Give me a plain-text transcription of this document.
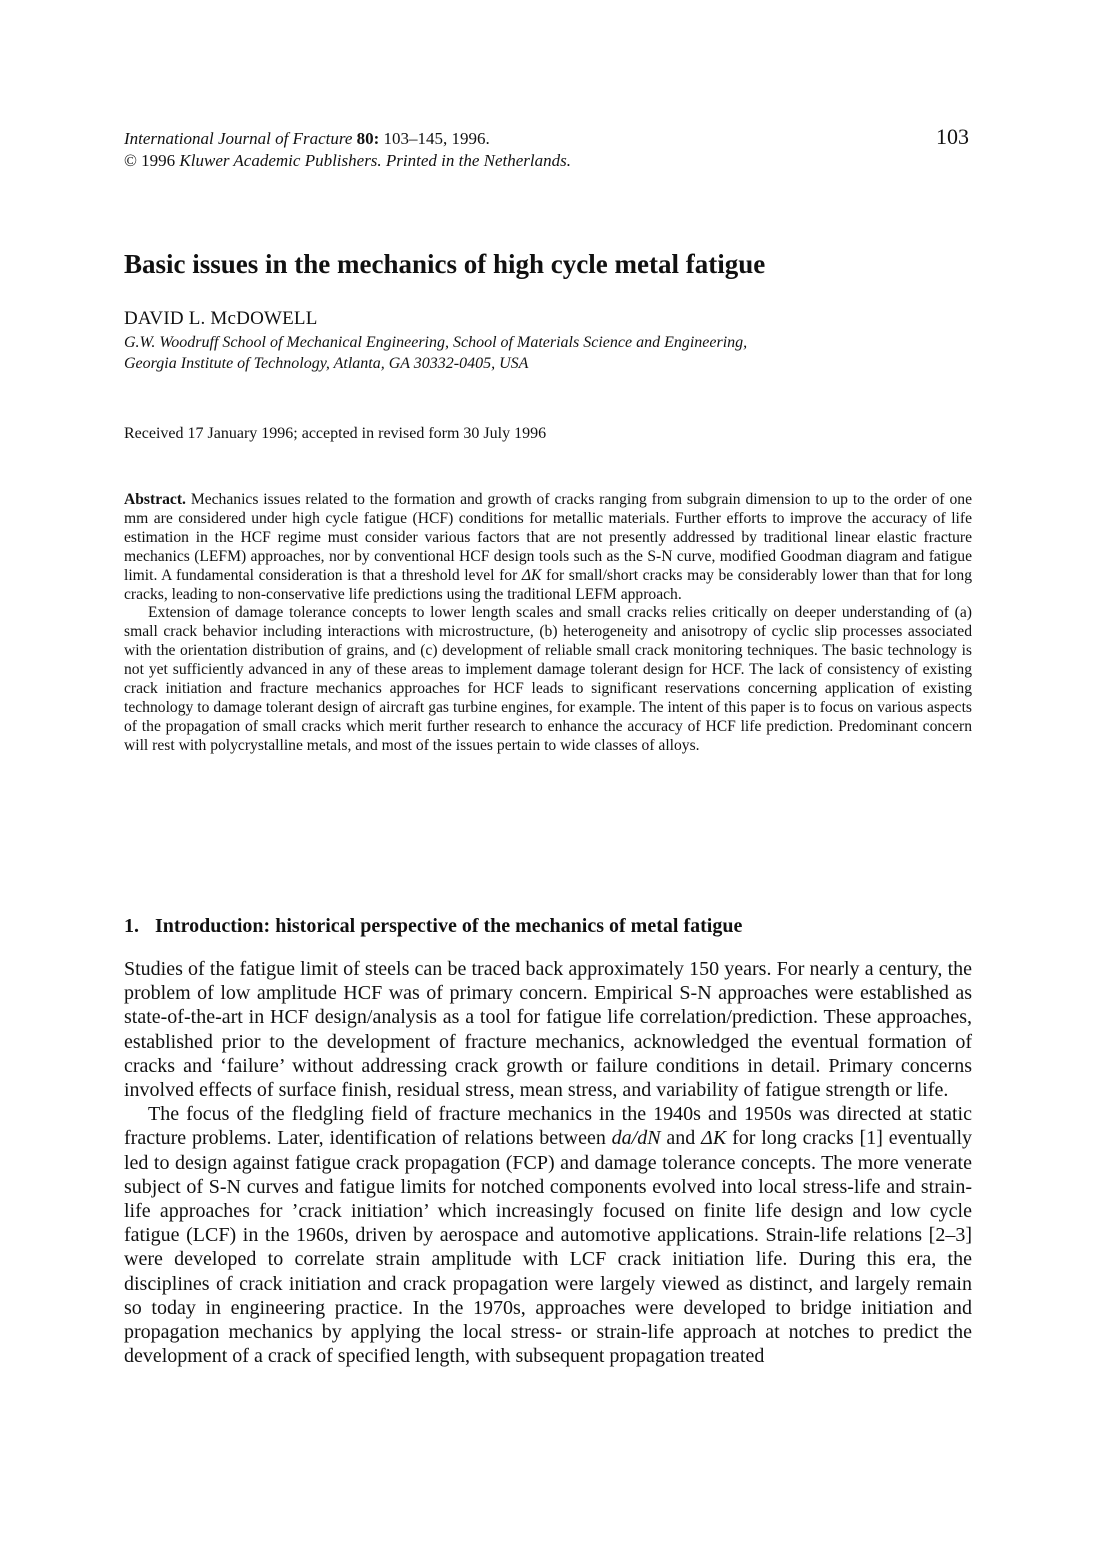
International Journal of Fracture 80: 103–145, 1996.
© 1996 Kluwer Academic Publishers. Printed in the Netherlands.
103
Basic issues in the mechanics of high cycle metal fatigue
DAVID L. McDOWELL
G.W. Woodruff School of Mechanical Engineering, School of Materials Science and Engineering,
Georgia Institute of Technology, Atlanta, GA 30332-0405, USA
Received 17 January 1996; accepted in revised form 30 July 1996

Abstract. Mechanics issues related to the formation and growth of cracks ranging from subgrain dimension to up to the order of one mm are considered under high cycle fatigue (HCF) conditions for metallic materials. Further efforts to improve the accuracy of life estimation in the HCF regime must consider various factors that are not presently addressed by traditional linear elastic fracture mechanics (LEFM) approaches, nor by conventional HCF design tools such as the S-N curve, modified Goodman diagram and fatigue limit. A fundamental consideration is that a threshold level for ΔK for small/short cracks may be considerably lower than that for long cracks, leading to non-conservative life predictions using the traditional LEFM approach.

Extension of damage tolerance concepts to lower length scales and small cracks relies critically on deeper understanding of (a) small crack behavior including interactions with microstructure, (b) heterogeneity and anisotropy of cyclic slip processes associated with the orientation distribution of grains, and (c) development of reliable small crack monitoring techniques. The basic technology is not yet sufficiently advanced in any of these areas to implement damage tolerant design for HCF. The lack of consistency of existing crack initiation and fracture mechanics approaches for HCF leads to significant reservations concerning application of existing technology to damage tolerant design of aircraft gas turbine engines, for example. The intent of this paper is to focus on various aspects of the propagation of small cracks which merit further research to enhance the accuracy of HCF life prediction. Predominant concern will rest with polycrystalline metals, and most of the issues pertain to wide classes of alloys.

1. Introduction: historical perspective of the mechanics of metal fatigue

Studies of the fatigue limit of steels can be traced back approximately 150 years. For nearly a century, the problem of low amplitude HCF was of primary concern. Empirical S-N approaches were established as state-of-the-art in HCF design/analysis as a tool for fatigue life correlation/prediction. These approaches, established prior to the development of fracture mechanics, acknowledged the eventual formation of cracks and ‘failure’ without addressing crack growth or failure conditions in detail. Primary concerns involved effects of surface finish, residual stress, mean stress, and variability of fatigue strength or life.

The focus of the fledgling field of fracture mechanics in the 1940s and 1950s was directed at static fracture problems. Later, identification of relations between da/dN and ΔK for long cracks [1] eventually led to design against fatigue crack propagation (FCP) and damage tolerance concepts. The more venerate subject of S-N curves and fatigue limits for notched components evolved into local stress-life and strain-life approaches for ’crack initiation’ which increasingly focused on finite life design and low cycle fatigue (LCF) in the 1960s, driven by aerospace and automotive applications. Strain-life relations [2–3] were developed to correlate strain amplitude with LCF crack initiation life. During this era, the disciplines of crack initiation and crack propagation were largely viewed as distinct, and largely remain so today in engineering practice. In the 1970s, approaches were developed to bridge initiation and propagation mechanics by applying the local stress- or strain-life approach at notches to predict the development of a crack of specified length, with subsequent propagation treated
